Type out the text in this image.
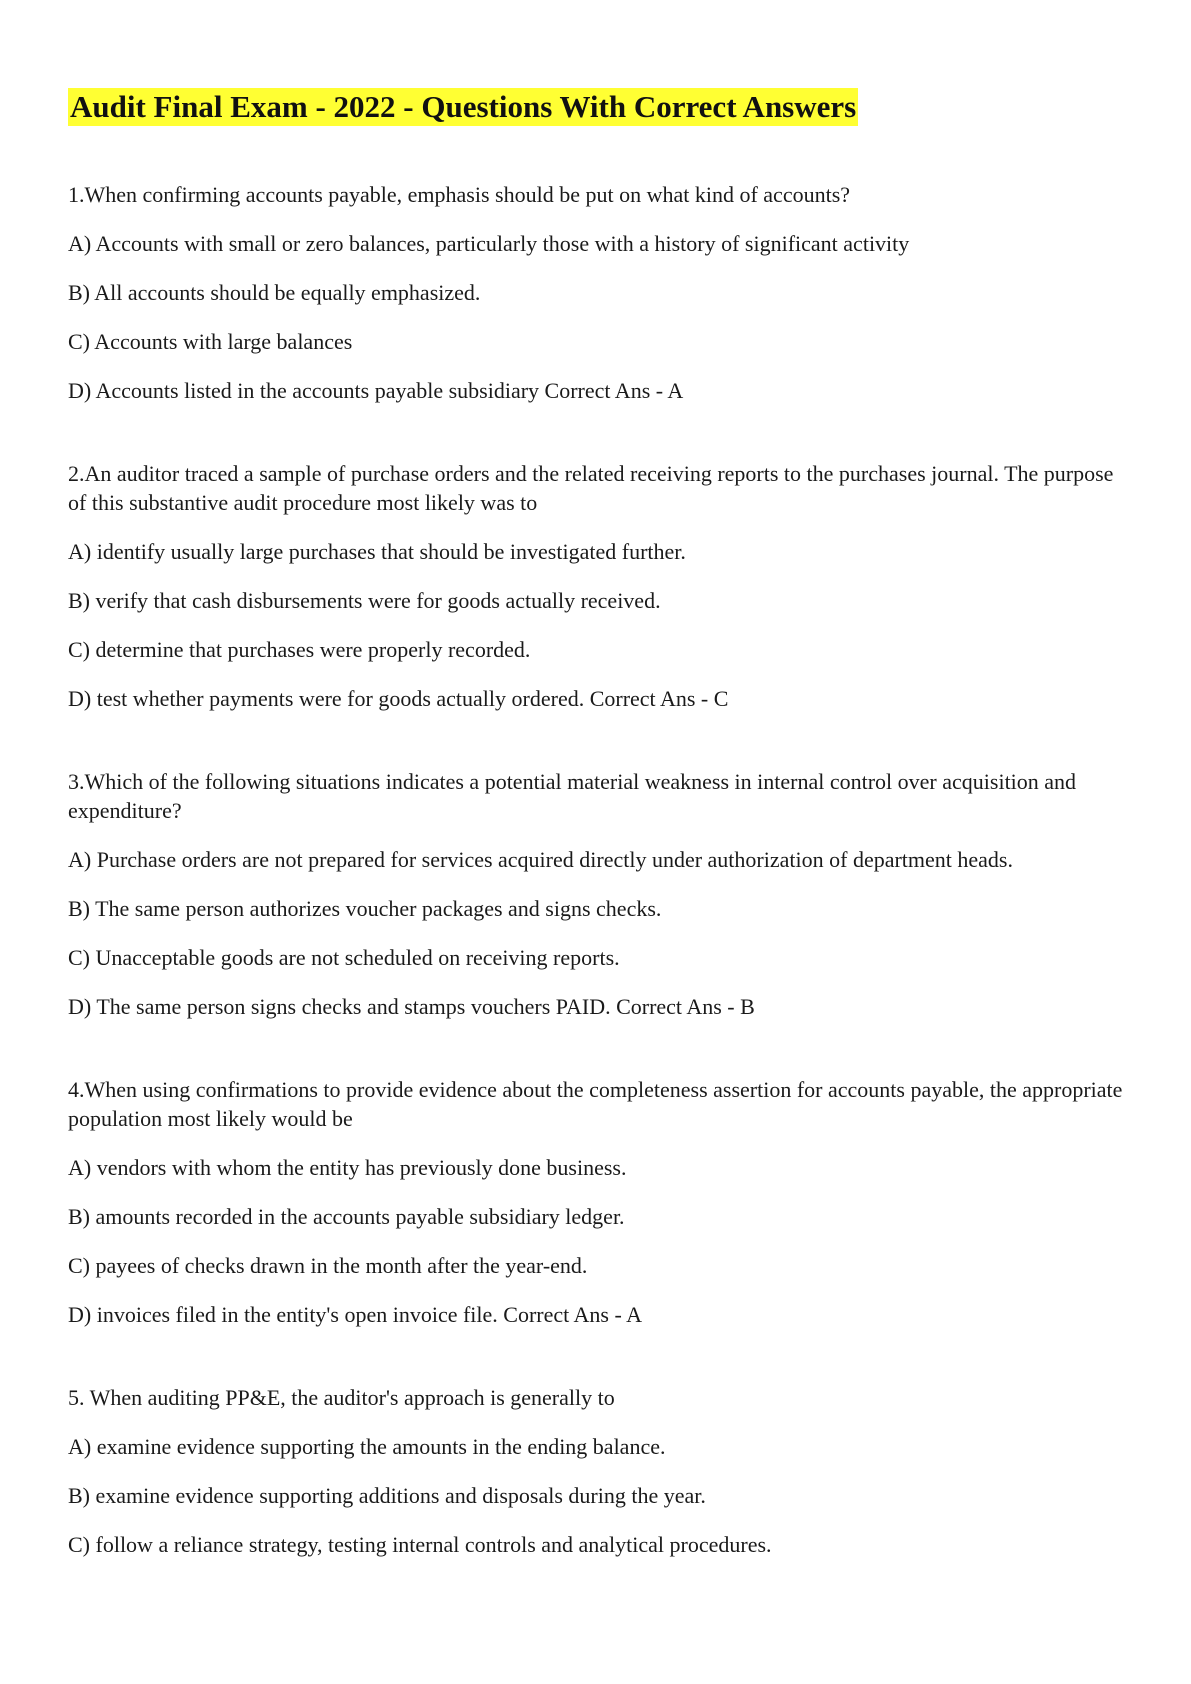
Audit Final Exam - 2022 - Questions With Correct Answers

1.When confirming accounts payable, emphasis should be put on what kind of accounts?

A) Accounts with small or zero balances, particularly those with a history of significant activity

B) All accounts should be equally emphasized.

C) Accounts with large balances

D) Accounts listed in the accounts payable subsidiary Correct Ans - A

2.An auditor traced a sample of purchase orders and the related receiving reports to the purchases journal. The purpose of this substantive audit procedure most likely was to

A) identify usually large purchases that should be investigated further.

B) verify that cash disbursements were for goods actually received.

C) determine that purchases were properly recorded.

D) test whether payments were for goods actually ordered. Correct Ans - C

3.Which of the following situations indicates a potential material weakness in internal control over acquisition and expenditure?

A) Purchase orders are not prepared for services acquired directly under authorization of department heads.

B) The same person authorizes voucher packages and signs checks.

C) Unacceptable goods are not scheduled on receiving reports.

D) The same person signs checks and stamps vouchers PAID. Correct Ans - B

4.When using confirmations to provide evidence about the completeness assertion for accounts payable, the appropriate population most likely would be

A) vendors with whom the entity has previously done business.

B) amounts recorded in the accounts payable subsidiary ledger.

C) payees of checks drawn in the month after the year-end.

D) invoices filed in the entity's open invoice file. Correct Ans - A

5. When auditing PP&E, the auditor's approach is generally to

A) examine evidence supporting the amounts in the ending balance.

B) examine evidence supporting additions and disposals during the year.

C) follow a reliance strategy, testing internal controls and analytical procedures.
